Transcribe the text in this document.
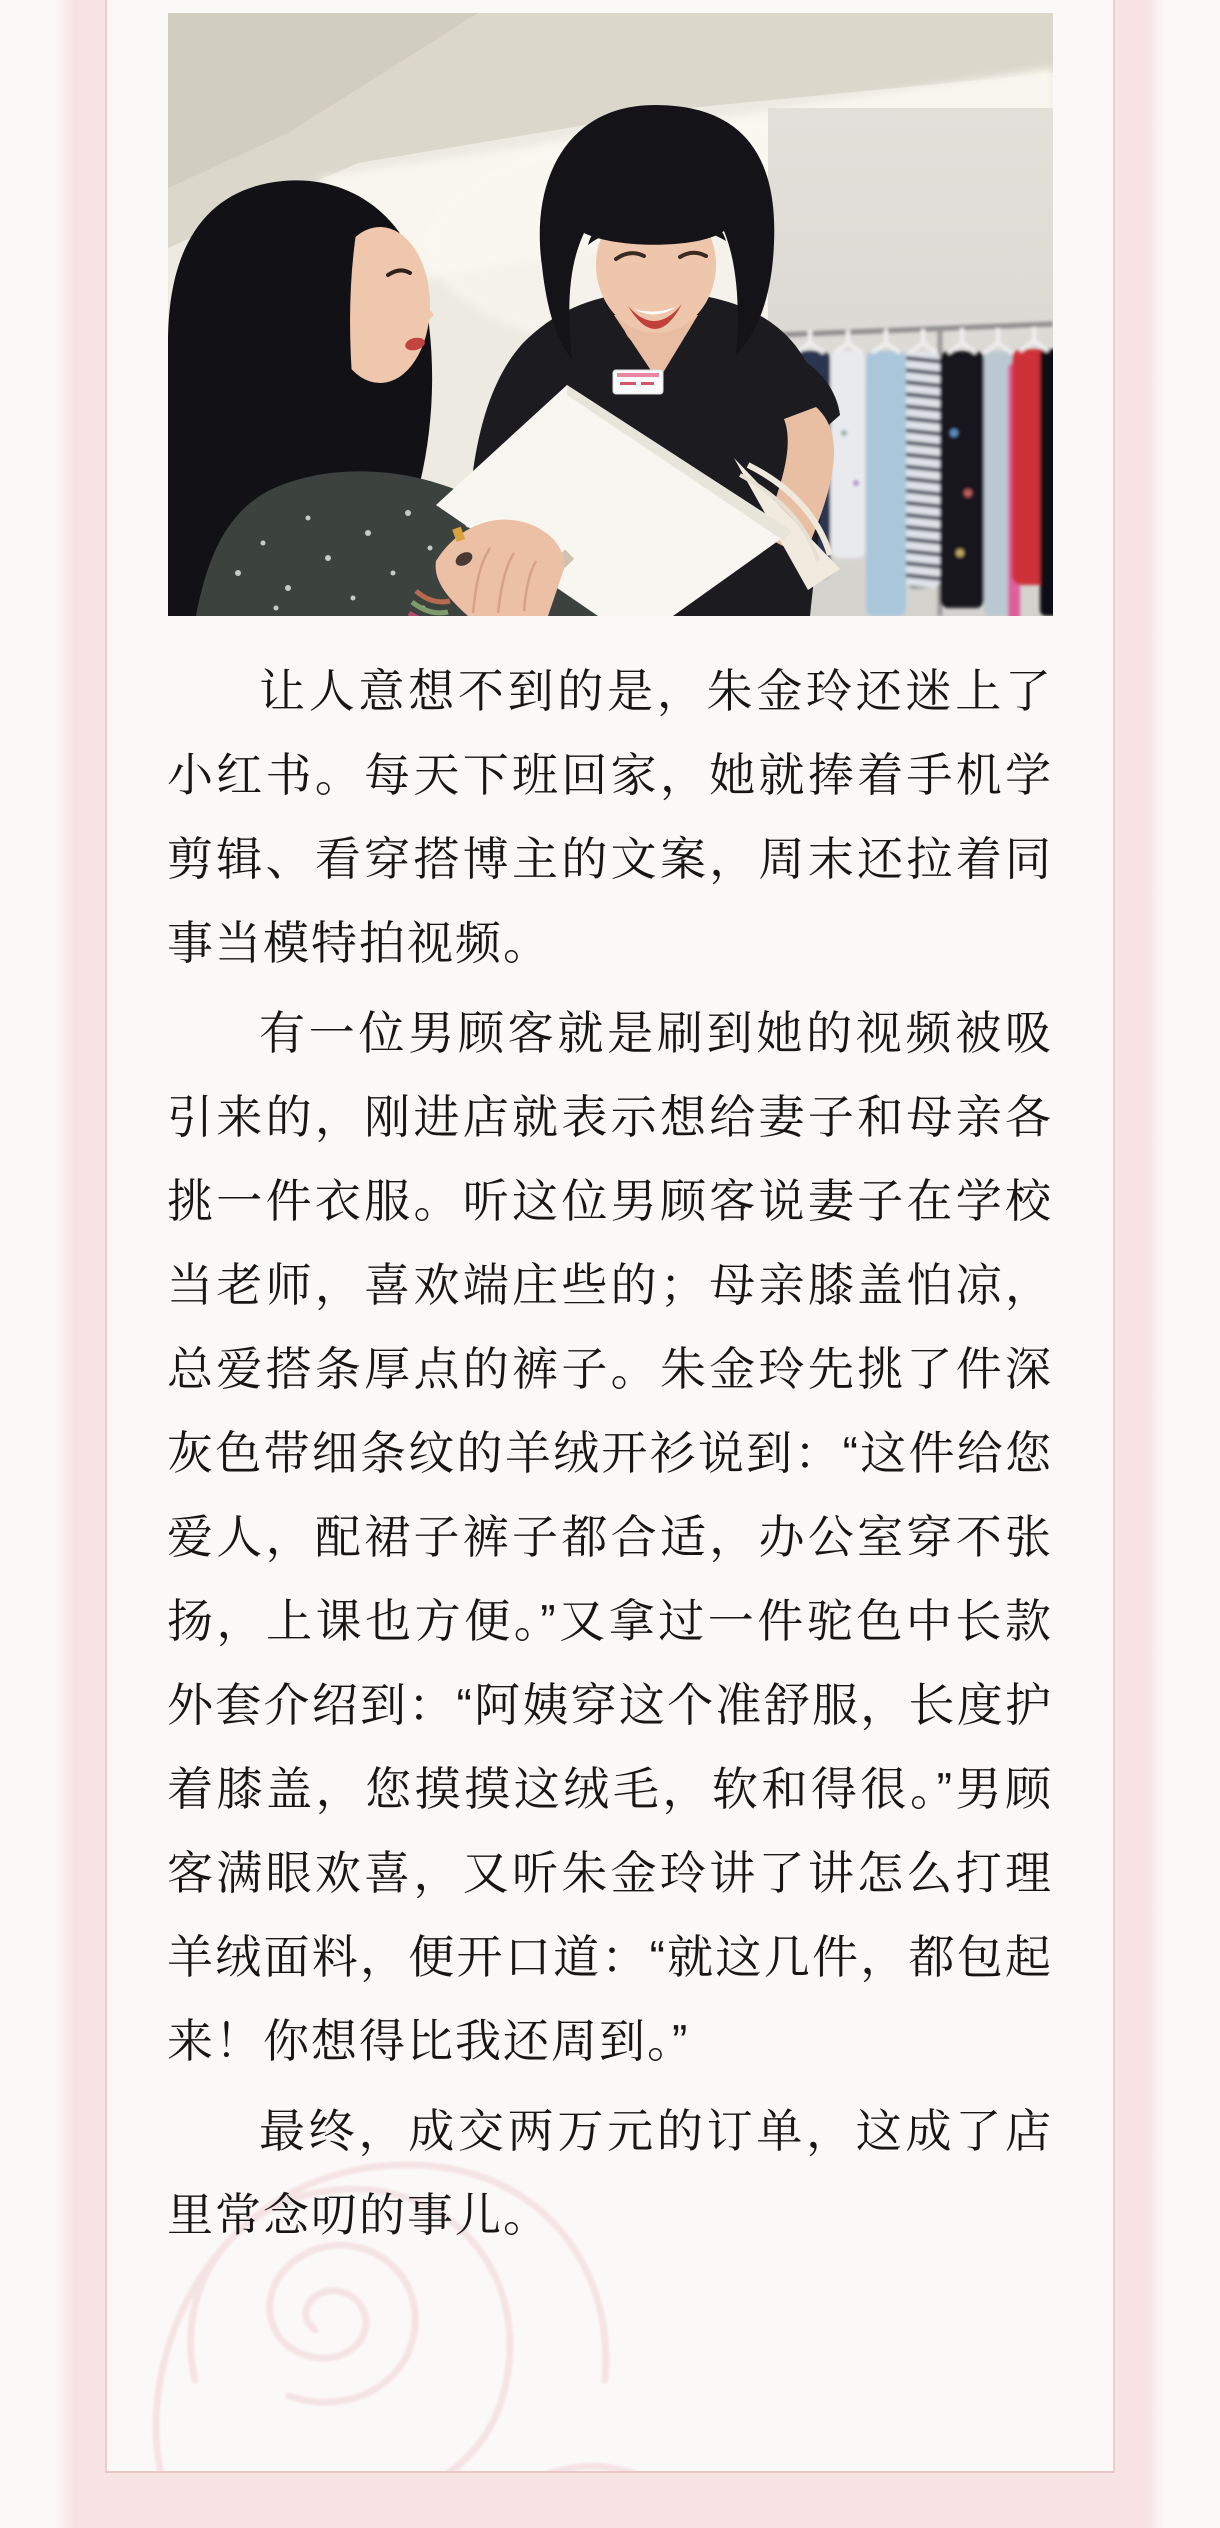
让人意想不到的是，朱金玲还迷上了小红书。每天下班回家，她就捧着手机学剪辑、看穿搭博主的文案，周末还拉着同事当模特拍视频。

有一位男顾客就是刷到她的视频被吸引来的，刚进店就表示想给妻子和母亲各挑一件衣服。听这位男顾客说妻子在学校当老师，喜欢端庄些的；母亲膝盖怕凉，总爱搭条厚点的裤子。朱金玲先挑了件深灰色带细条纹的羊绒开衫说到：“这件给您爱人，配裙子裤子都合适，办公室穿不张扬，上课也方便。”又拿过一件驼色中长款外套介绍到：“阿姨穿这个准舒服，长度护着膝盖，您摸摸这绒毛，软和得很。”男顾客满眼欢喜，又听朱金玲讲了讲怎么打理羊绒面料，便开口道：“就这几件，都包起来！你想得比我还周到。”

最终，成交两万元的订单，这成了店里常念叨的事儿。
